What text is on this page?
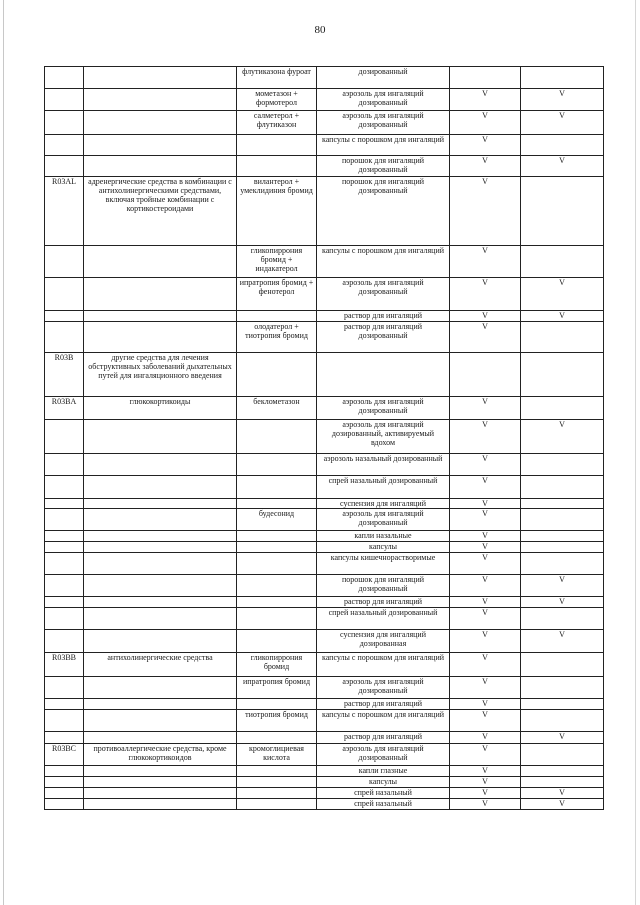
80
		флутиказона фуроат	дозированный		
		мометазон + формотерол	аэрозоль для ингаляций дозированный	V	V
		салметерол + флутиказон	аэрозоль для ингаляций дозированный	V	V
			капсулы с порошком для ингаляций	V	
			порошок для ингаляций дозированный	V	V
R03AL	адренергические средства в комбинации с антихолинергическими средствами, включая тройные комбинации с кортикостероидами	вилантерол + умеклидиния бромид	порошок для ингаляций дозированный	V	
		гликопиррония бромид + индакатерол	капсулы с порошком для ингаляций	V	
		ипратропия бромид + фенотерол	аэрозоль для ингаляций дозированный	V	V
			раствор для ингаляций	V	V
		олодатерол + тиотропия бромид	раствор для ингаляций дозированный	V	
R03B	другие средства для лечения обструктивных заболеваний дыхательных путей для ингаляционного введения				
R03BA	глюкокортикоиды	беклометазон	аэрозоль для ингаляций дозированный	V	
			аэрозоль для ингаляций дозированный, активируемый вдохом	V	V
			аэрозоль назальный дозированный	V	
			спрей назальный дозированный	V	
			суспензия для ингаляций	V	
		будесонид	аэрозоль для ингаляций дозированный	V	
			капли назальные	V	
			капсулы	V	
			капсулы кишечнорастворимые	V	
			порошок для ингаляций дозированный	V	V
			раствор для ингаляций	V	V
			спрей назальный дозированный	V	
			суспензия для ингаляций дозированная	V	V
R03BB	антихолинергические средства	гликопиррония бромид	капсулы с порошком для ингаляций	V	
		ипратропия бромид	аэрозоль для ингаляций дозированный	V	
			раствор для ингаляций	V	
		тиотропия бромид	капсулы с порошком для ингаляций	V	
			раствор для ингаляций	V	V
R03BC	противоаллергические средства, кроме глюкокортикоидов	кромоглициевая кислота	аэрозоль для ингаляций дозированный	V	
			капли глазные	V	
			капсулы	V	
			спрей назальный	V	V
			спрей назальный	V	V
